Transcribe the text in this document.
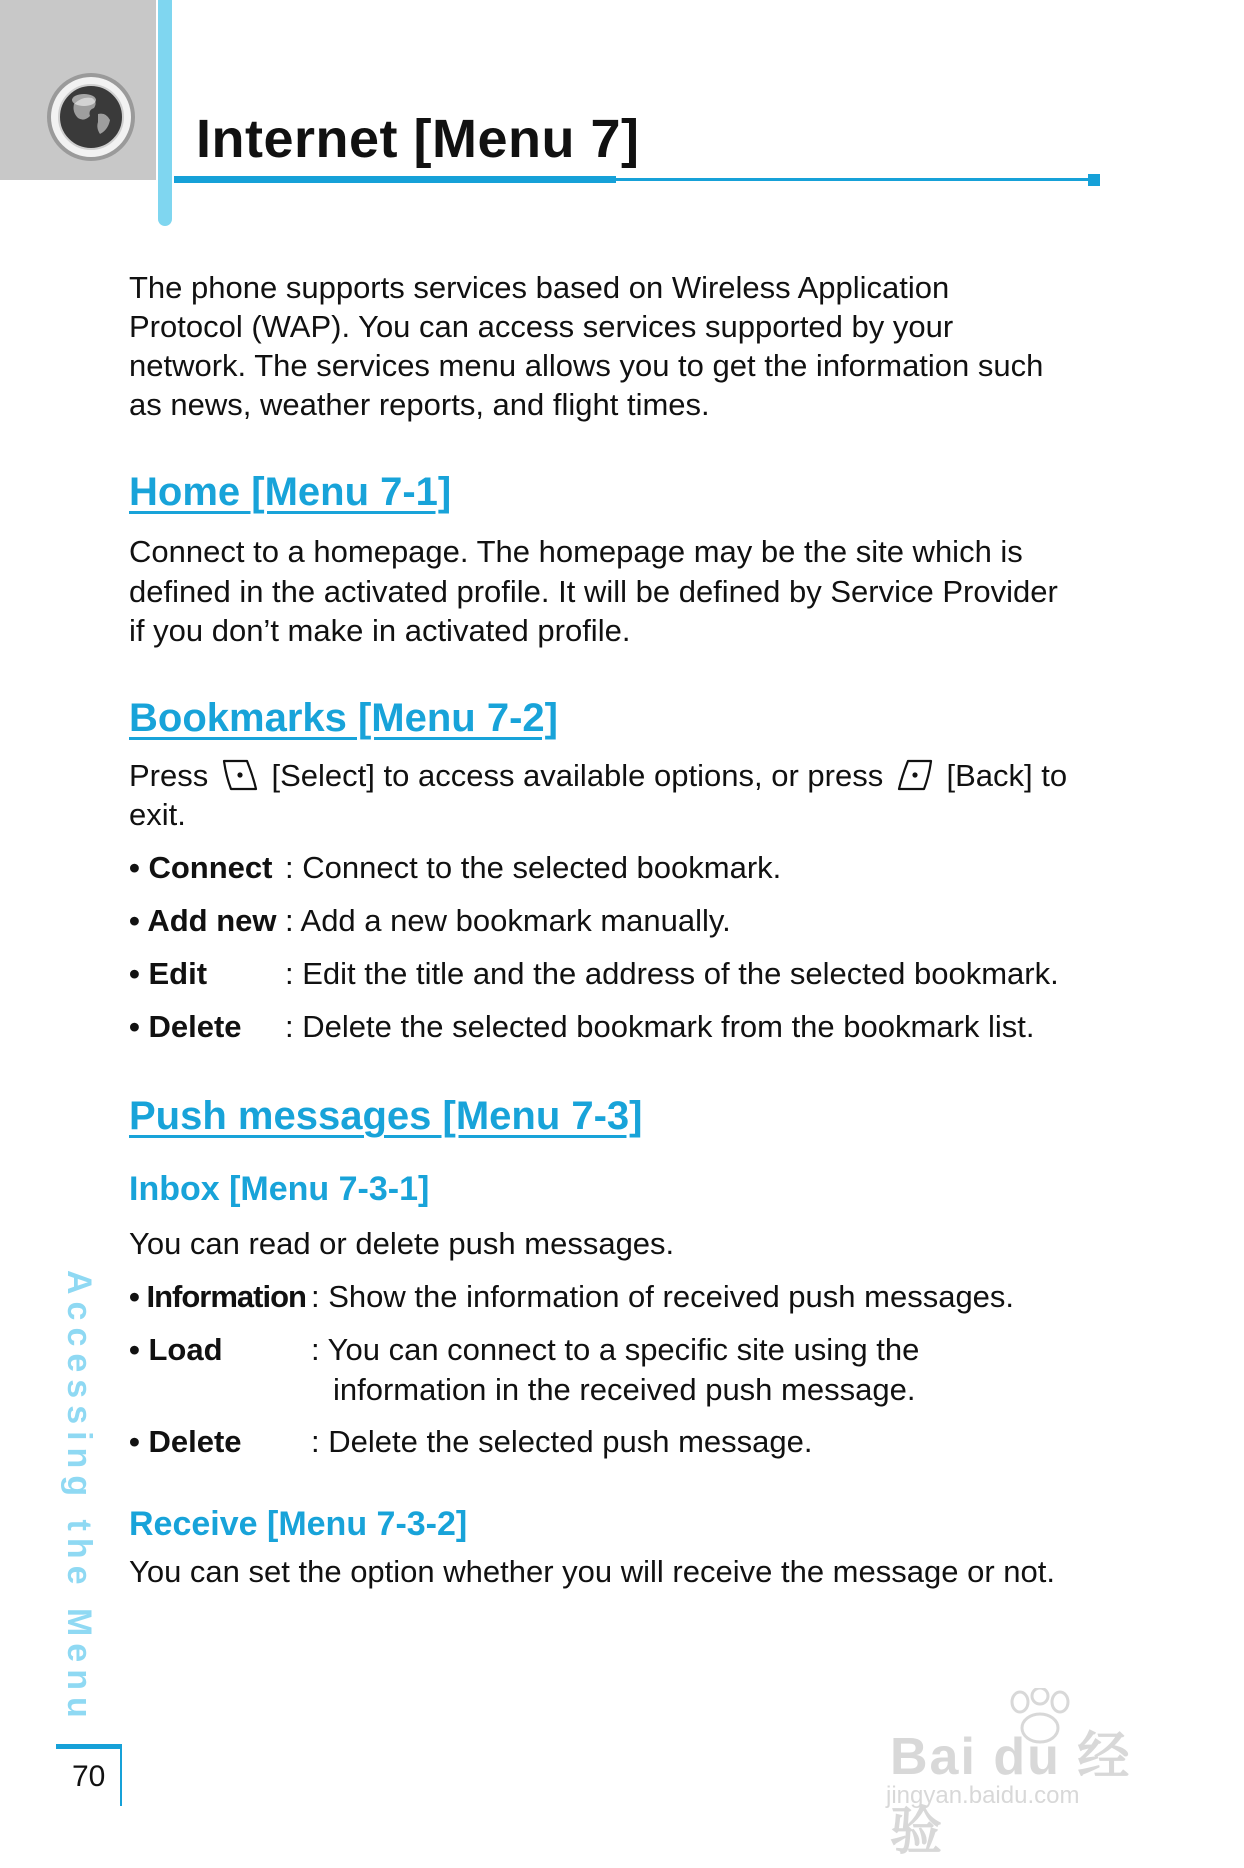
Internet [Menu 7]

The phone supports services based on Wireless Application

Protocol (WAP). You can access services supported by your

network. The services menu allows you to get the information such

as news, weather reports, and flight times.

Home [Menu 7-1]

Connect to a homepage. The homepage may be the site which is

defined in the activated profile. It will be defined by Service Provider

if you don’t make in activated profile.

Bookmarks [Menu 7-2]

Press [Select] to access available options, or press [Back] to

exit.

• Connect : Connect to the selected bookmark.
• Add new : Add a new bookmark manually.
• Edit	: Edit the title and the address of the selected bookmark.
• Delete : Delete the selected bookmark from the bookmark list.
Push messages [Menu 7-3]
Inbox [Menu 7-3-1]

You can read or delete push messages.

• Information : Show the information of received push messages.
• Load	: You can connect to a specific site using the
information in the received push message.
• Delete : Delete the selected push message.
Receive [Menu 7-3-2]

You can set the option whether you will receive the message or not.

Accessing the Menu
70	Bai du 经验
jingyan.baidu.com
